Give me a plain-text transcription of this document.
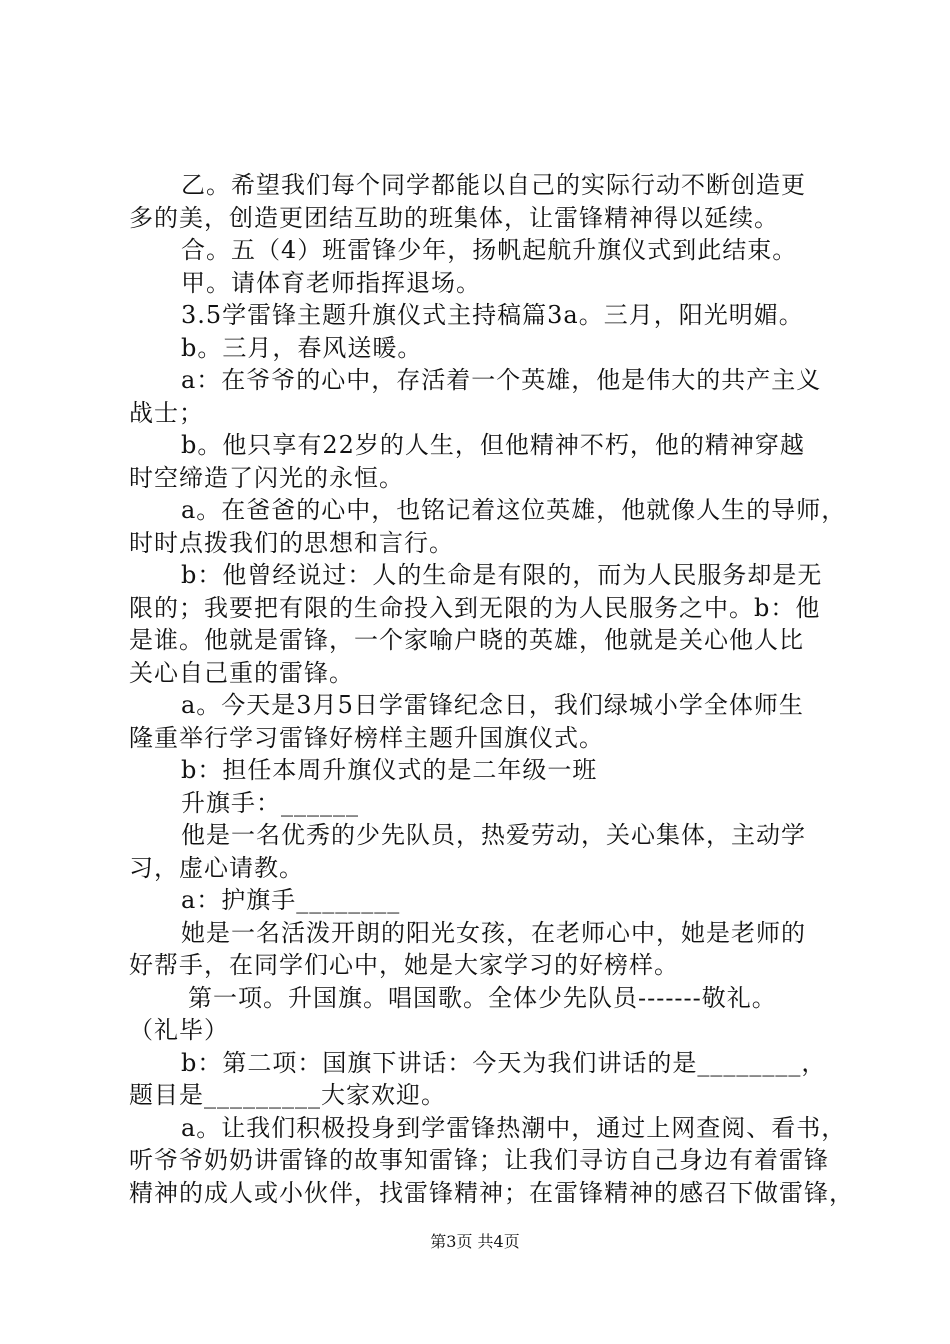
乙。希望我们每个同学都能以自己的实际行动不断创造更
多的美，创造更团结互助的班集体，让雷锋精神得以延续。
合。五（4）班雷锋少年，扬帆起航升旗仪式到此结束。
甲。请体育老师指挥退场。
3.5学雷锋主题升旗仪式主持稿篇3a。三月，阳光明媚。
b。三月，春风送暖。
a：在爷爷的心中，存活着一个英雄，他是伟大的共产主义
战士；
b。他只享有22岁的人生，但他精神不朽，他的精神穿越
时空缔造了闪光的永恒。
a。在爸爸的心中，也铭记着这位英雄，他就像人生的导师，
时时点拨我们的思想和言行。
b：他曾经说过：人的生命是有限的，而为人民服务却是无
限的；我要把有限的生命投入到无限的为人民服务之中。b：他
是谁。他就是雷锋，一个家喻户晓的英雄，他就是关心他人比
关心自己重的雷锋。
a。今天是3月5日学雷锋纪念日，我们绿城小学全体师生
隆重举行学习雷锋好榜样主题升国旗仪式。
b：担任本周升旗仪式的是二年级一班
升旗手：______
他是一名优秀的少先队员，热爱劳动，关心集体，主动学
习，虚心请教。
a：护旗手________
她是一名活泼开朗的阳光女孩，在老师心中，她是老师的
好帮手，在同学们心中，她是大家学习的好榜样。
第一项。升国旗。唱国歌。全体少先队员-------敬礼。
（礼毕）
b：第二项：国旗下讲话：今天为我们讲话的是________，
题目是_________大家欢迎。
a。让我们积极投身到学雷锋热潮中，通过上网查阅、看书，
听爷爷奶奶讲雷锋的故事知雷锋；让我们寻访自己身边有着雷锋
精神的成人或小伙伴，找雷锋精神；在雷锋精神的感召下做雷锋，
第3页 共4页
